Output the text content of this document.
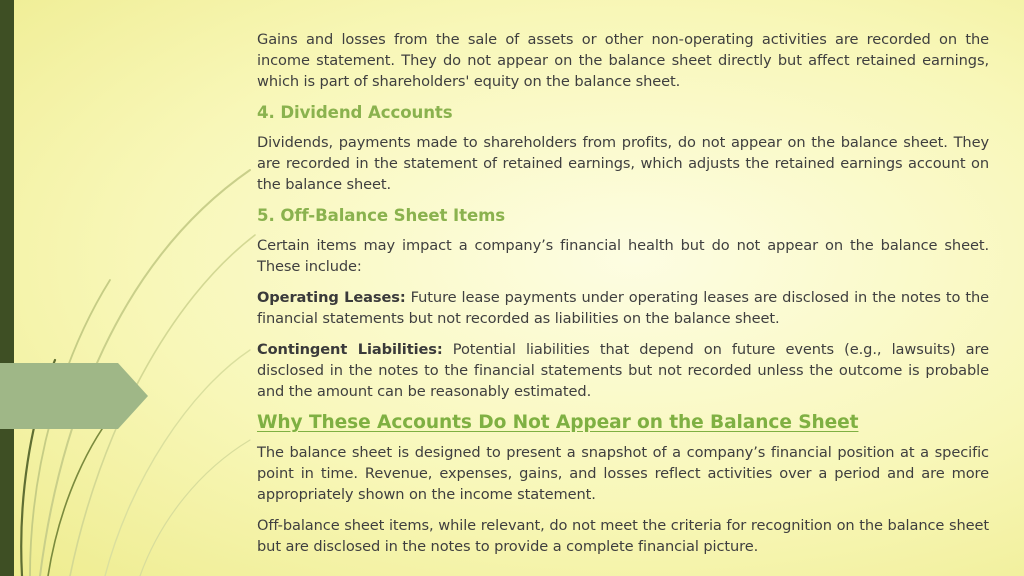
Gains and losses from the sale of assets or other non-operating activities are recorded on the income statement. They do not appear on the balance sheet directly but affect retained earnings, which is part of shareholders' equity on the balance sheet.

4. Dividend Accounts

Dividends, payments made to shareholders from profits, do not appear on the balance sheet. They are recorded in the statement of retained earnings, which adjusts the retained earnings account on the balance sheet.

5. Off-Balance Sheet Items

Certain items may impact a company’s financial health but do not appear on the balance sheet. These include:

Operating Leases: Future lease payments under operating leases are disclosed in the notes to the financial statements but not recorded as liabilities on the balance sheet.

Contingent Liabilities: Potential liabilities that depend on future events (e.g., lawsuits) are disclosed in the notes to the financial statements but not recorded unless the outcome is probable and the amount can be reasonably estimated.

Why These Accounts Do Not Appear on the Balance Sheet

The balance sheet is designed to present a snapshot of a company’s financial position at a specific point in time. Revenue, expenses, gains, and losses reflect activities over a period and are more appropriately shown on the income statement.

Off-balance sheet items, while relevant, do not meet the criteria for recognition on the balance sheet but are disclosed in the notes to provide a complete financial picture.
